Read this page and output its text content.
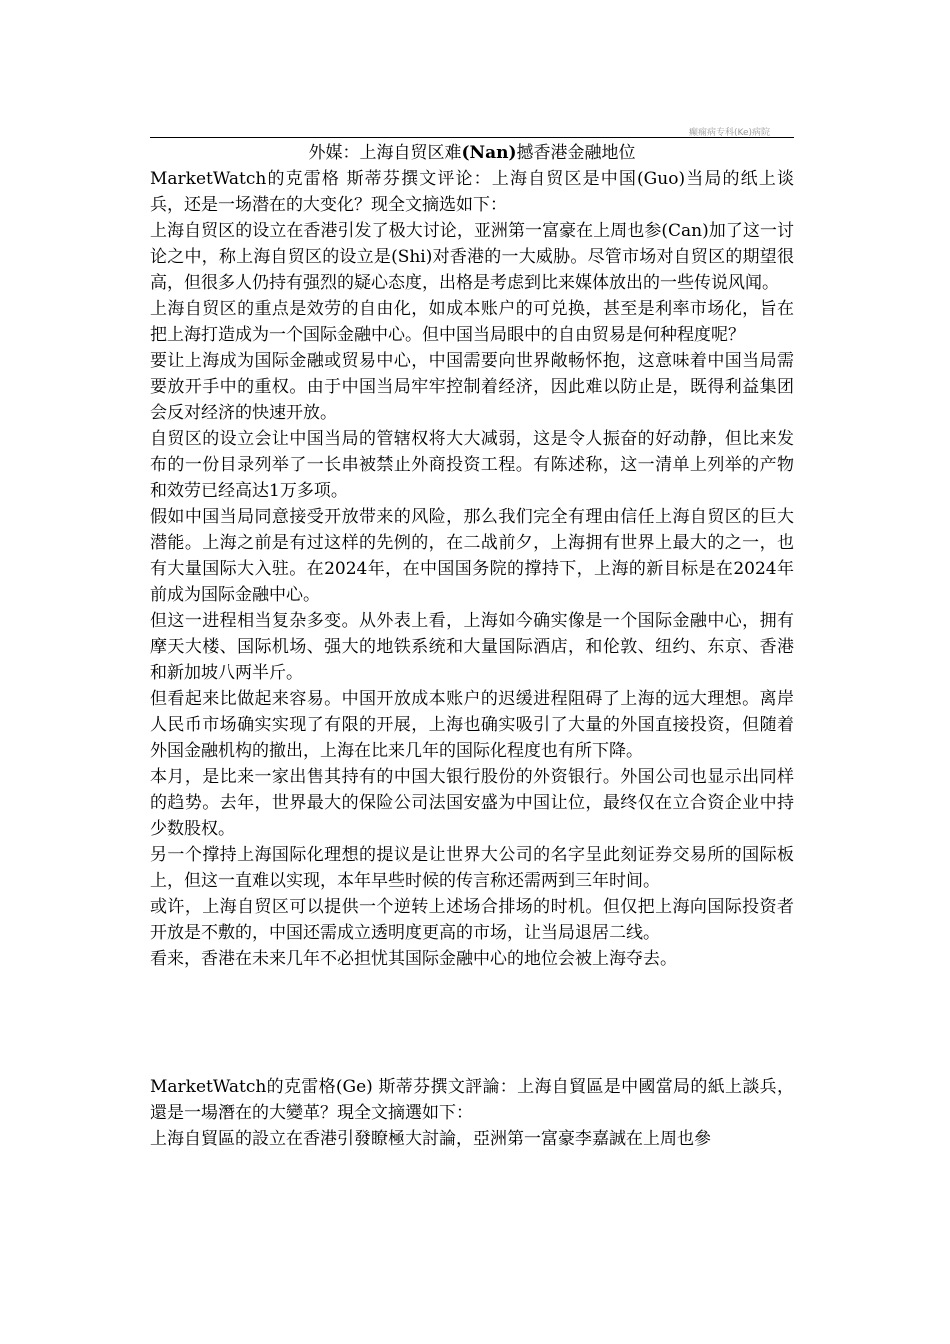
癫痫病专科(Ke)病院

外媒：上海自贸区难(Nan)撼香港金融地位

MarketWatch的克雷格 斯蒂芬撰文评论：上海自贸区是中国(Guo)当局的纸上谈兵，还是一场潜在的大变化？现全文摘选如下：

上海自贸区的设立在香港引发了极大讨论，亚洲第一富豪在上周也参(Can)加了这一讨论之中，称上海自贸区的设立是(Shi)对香港的一大威胁。尽管市场对自贸区的期望很高，但很多人仍持有强烈的疑心态度，出格是考虑到比来媒体放出的一些传说风闻。

上海自贸区的重点是效劳的自由化，如成本账户的可兑换，甚至是利率市场化，旨在把上海打造成为一个国际金融中心。但中国当局眼中的自由贸易是何种程度呢？

要让上海成为国际金融或贸易中心，中国需要向世界敞畅怀抱，这意味着中国当局需要放开手中的重权。由于中国当局牢牢控制着经济，因此难以防止是，既得利益集团会反对经济的快速开放。

自贸区的设立会让中国当局的管辖权将大大减弱，这是令人振奋的好动静，但比来发布的一份目录列举了一长串被禁止外商投资工程。有陈述称，这一清单上列举的产物和效劳已经高达1万多项。

假如中国当局同意接受开放带来的风险，那么我们完全有理由信任上海自贸区的巨大潜能。上海之前是有过这样的先例的，在二战前夕，上海拥有世界上最大的之一，也有大量国际大入驻。在2024年，在中国国务院的撑持下，上海的新目标是在2024年前成为国际金融中心。

但这一进程相当复杂多变。从外表上看，上海如今确实像是一个国际金融中心，拥有摩天大楼、国际机场、强大的地铁系统和大量国际酒店，和伦敦、纽约、东京、香港和新加坡八两半斤。

但看起来比做起来容易。中国开放成本账户的迟缓进程阻碍了上海的远大理想。离岸人民币市场确实实现了有限的开展，上海也确实吸引了大量的外国直接投资，但随着外国金融机构的撤出，上海在比来几年的国际化程度也有所下降。

本月，是比来一家出售其持有的中国大银行股份的外资银行。外国公司也显示出同样的趋势。去年，世界最大的保险公司法国安盛为中国让位，最终仅在立合资企业中持少数股权。

另一个撑持上海国际化理想的提议是让世界大公司的名字呈此刻证券交易所的国际板上，但这一直难以实现，本年早些时候的传言称还需两到三年时间。

或许，上海自贸区可以提供一个逆转上述场合排场的时机。但仅把上海向国际投资者开放是不敷的，中国还需成立透明度更高的市场，让当局退居二线。

看来，香港在未来几年不必担忧其国际金融中心的地位会被上海夺去。

MarketWatch的克雷格(Ge) 斯蒂芬撰文評論：上海自貿區是中國當局的紙上談兵，還是一場潛在的大變革？現全文摘選如下：

上海自貿區的設立在香港引發瞭極大討論，亞洲第一富豪李嘉誠在上周也參
